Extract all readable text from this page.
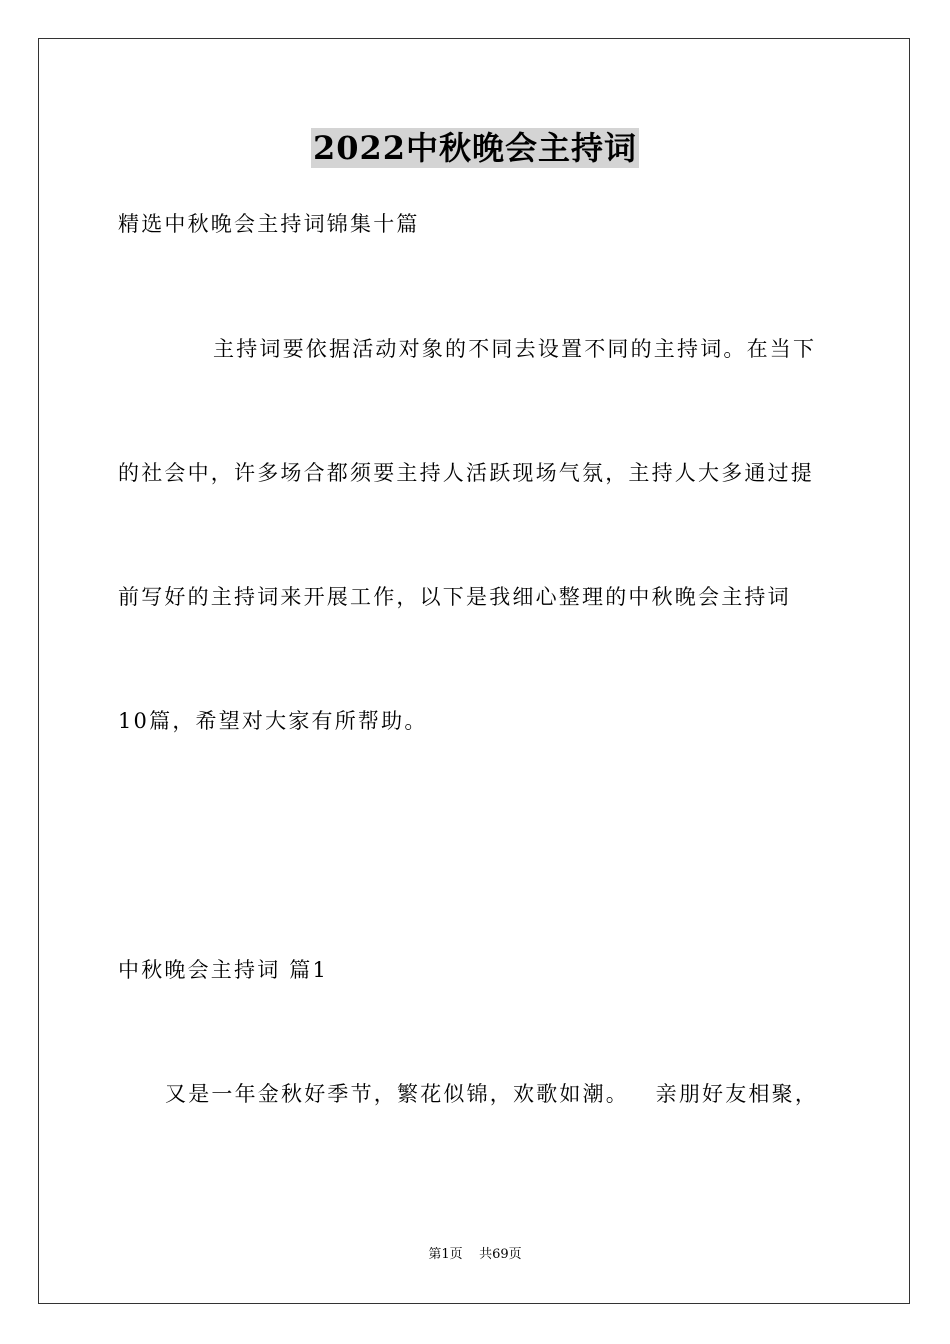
2022中秋晚会主持词
精选中秋晚会主持词锦集十篇
主持词要依据活动对象的不同去设置不同的主持词。在当下
的社会中，许多场合都须要主持人活跃现场气氛，主持人大多通过提
前写好的主持词来开展工作，以下是我细心整理的中秋晚会主持词
10篇，希望对大家有所帮助。
中秋晚会主持词 篇1
又是一年金秋好季节，繁花似锦，欢歌如潮。   亲朋好友相聚，
第1页 共69页
